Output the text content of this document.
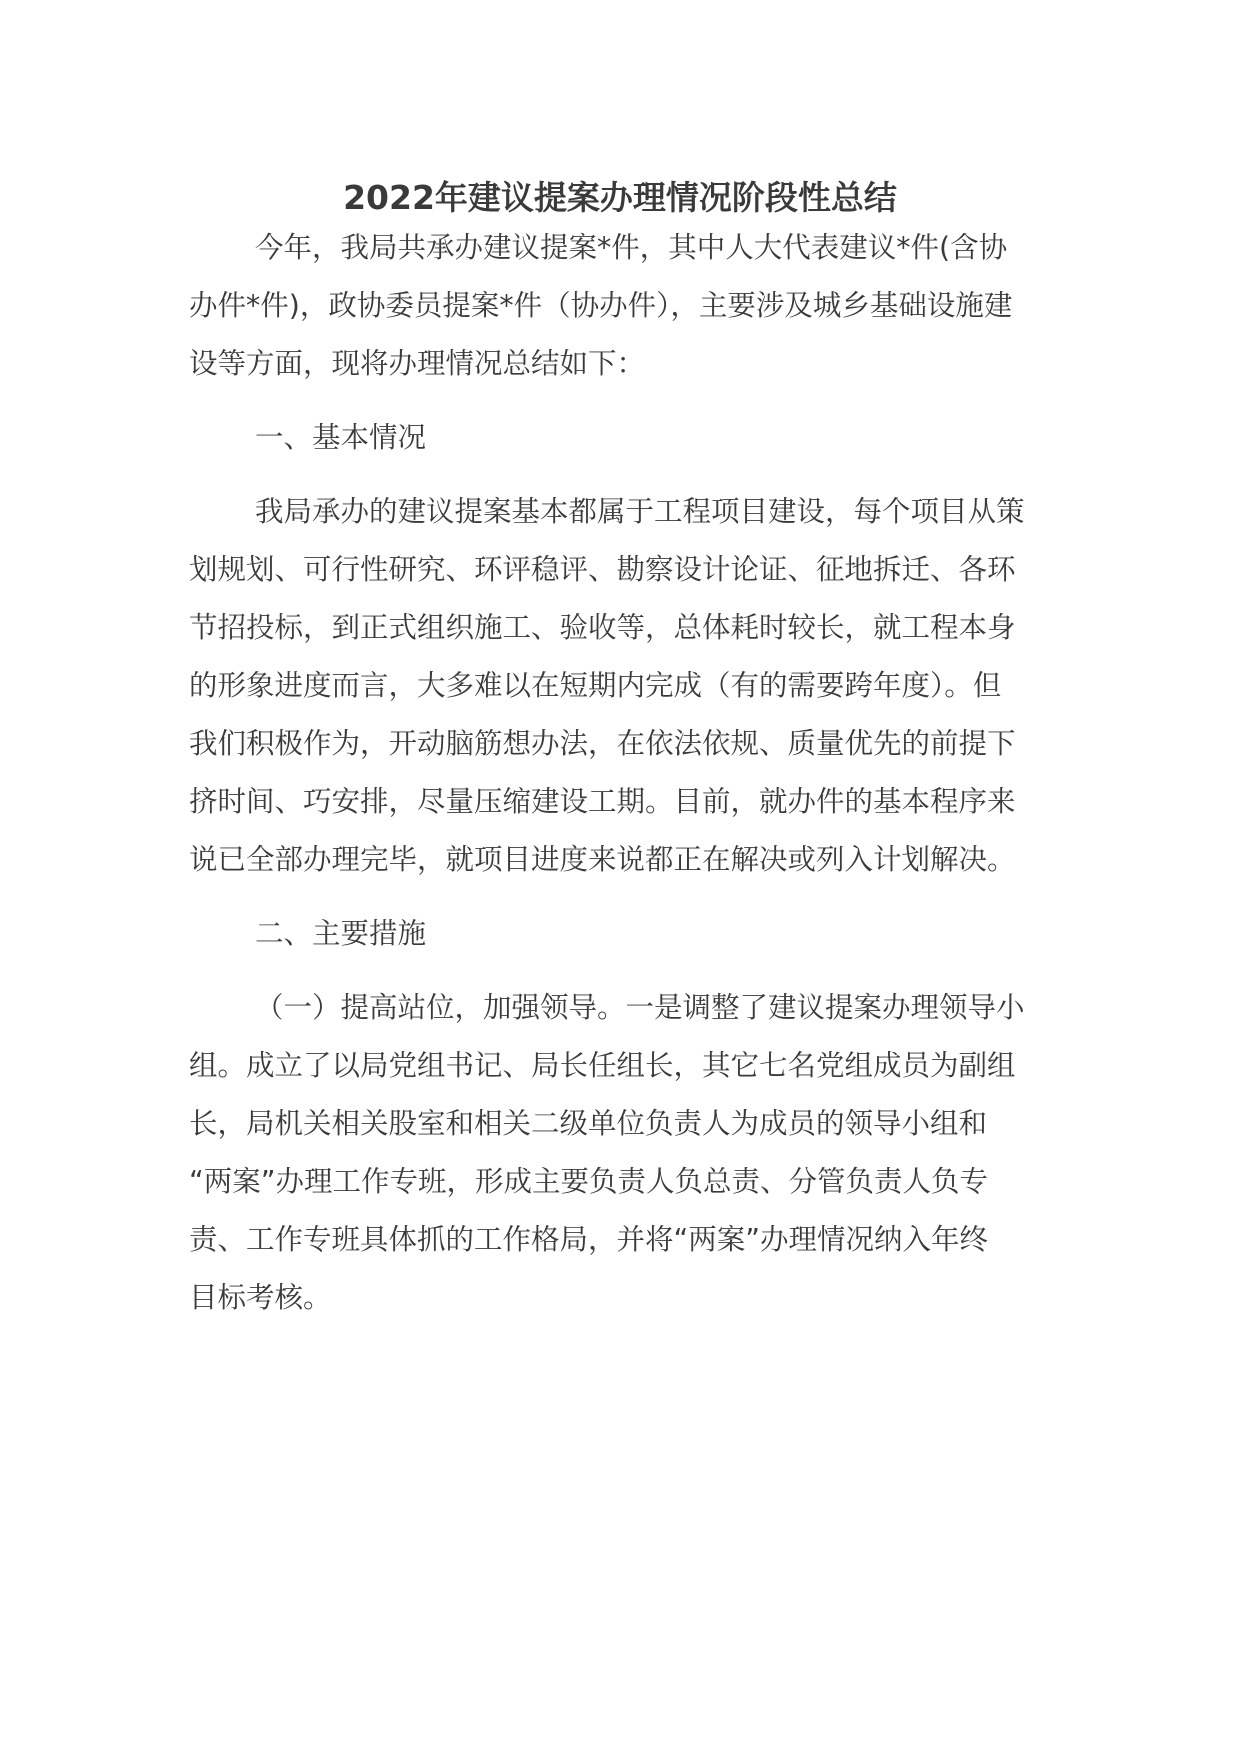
2022年建议提案办理情况阶段性总结
今年，我局共承办建议提案*件，其中人大代表建议*件(含协
办件*件)，政协委员提案*件（协办件），主要涉及城乡基础设施建
设等方面，现将办理情况总结如下：
一、基本情况
我局承办的建议提案基本都属于工程项目建设，每个项目从策
划规划、可行性研究、环评稳评、勘察设计论证、征地拆迁、各环
节招投标，到正式组织施工、验收等，总体耗时较长，就工程本身
的形象进度而言，大多难以在短期内完成（有的需要跨年度）。但
我们积极作为，开动脑筋想办法，在依法依规、质量优先的前提下
挤时间、巧安排，尽量压缩建设工期。目前，就办件的基本程序来
说已全部办理完毕，就项目进度来说都正在解决或列入计划解决。
二、主要措施
（一）提高站位，加强领导。一是调整了建议提案办理领导小
组。成立了以局党组书记、局长任组长，其它七名党组成员为副组
长，局机关相关股室和相关二级单位负责人为成员的领导小组和
“两案”办理工作专班，形成主要负责人负总责、分管负责人负专
责、工作专班具体抓的工作格局，并将“两案”办理情况纳入年终
目标考核。
